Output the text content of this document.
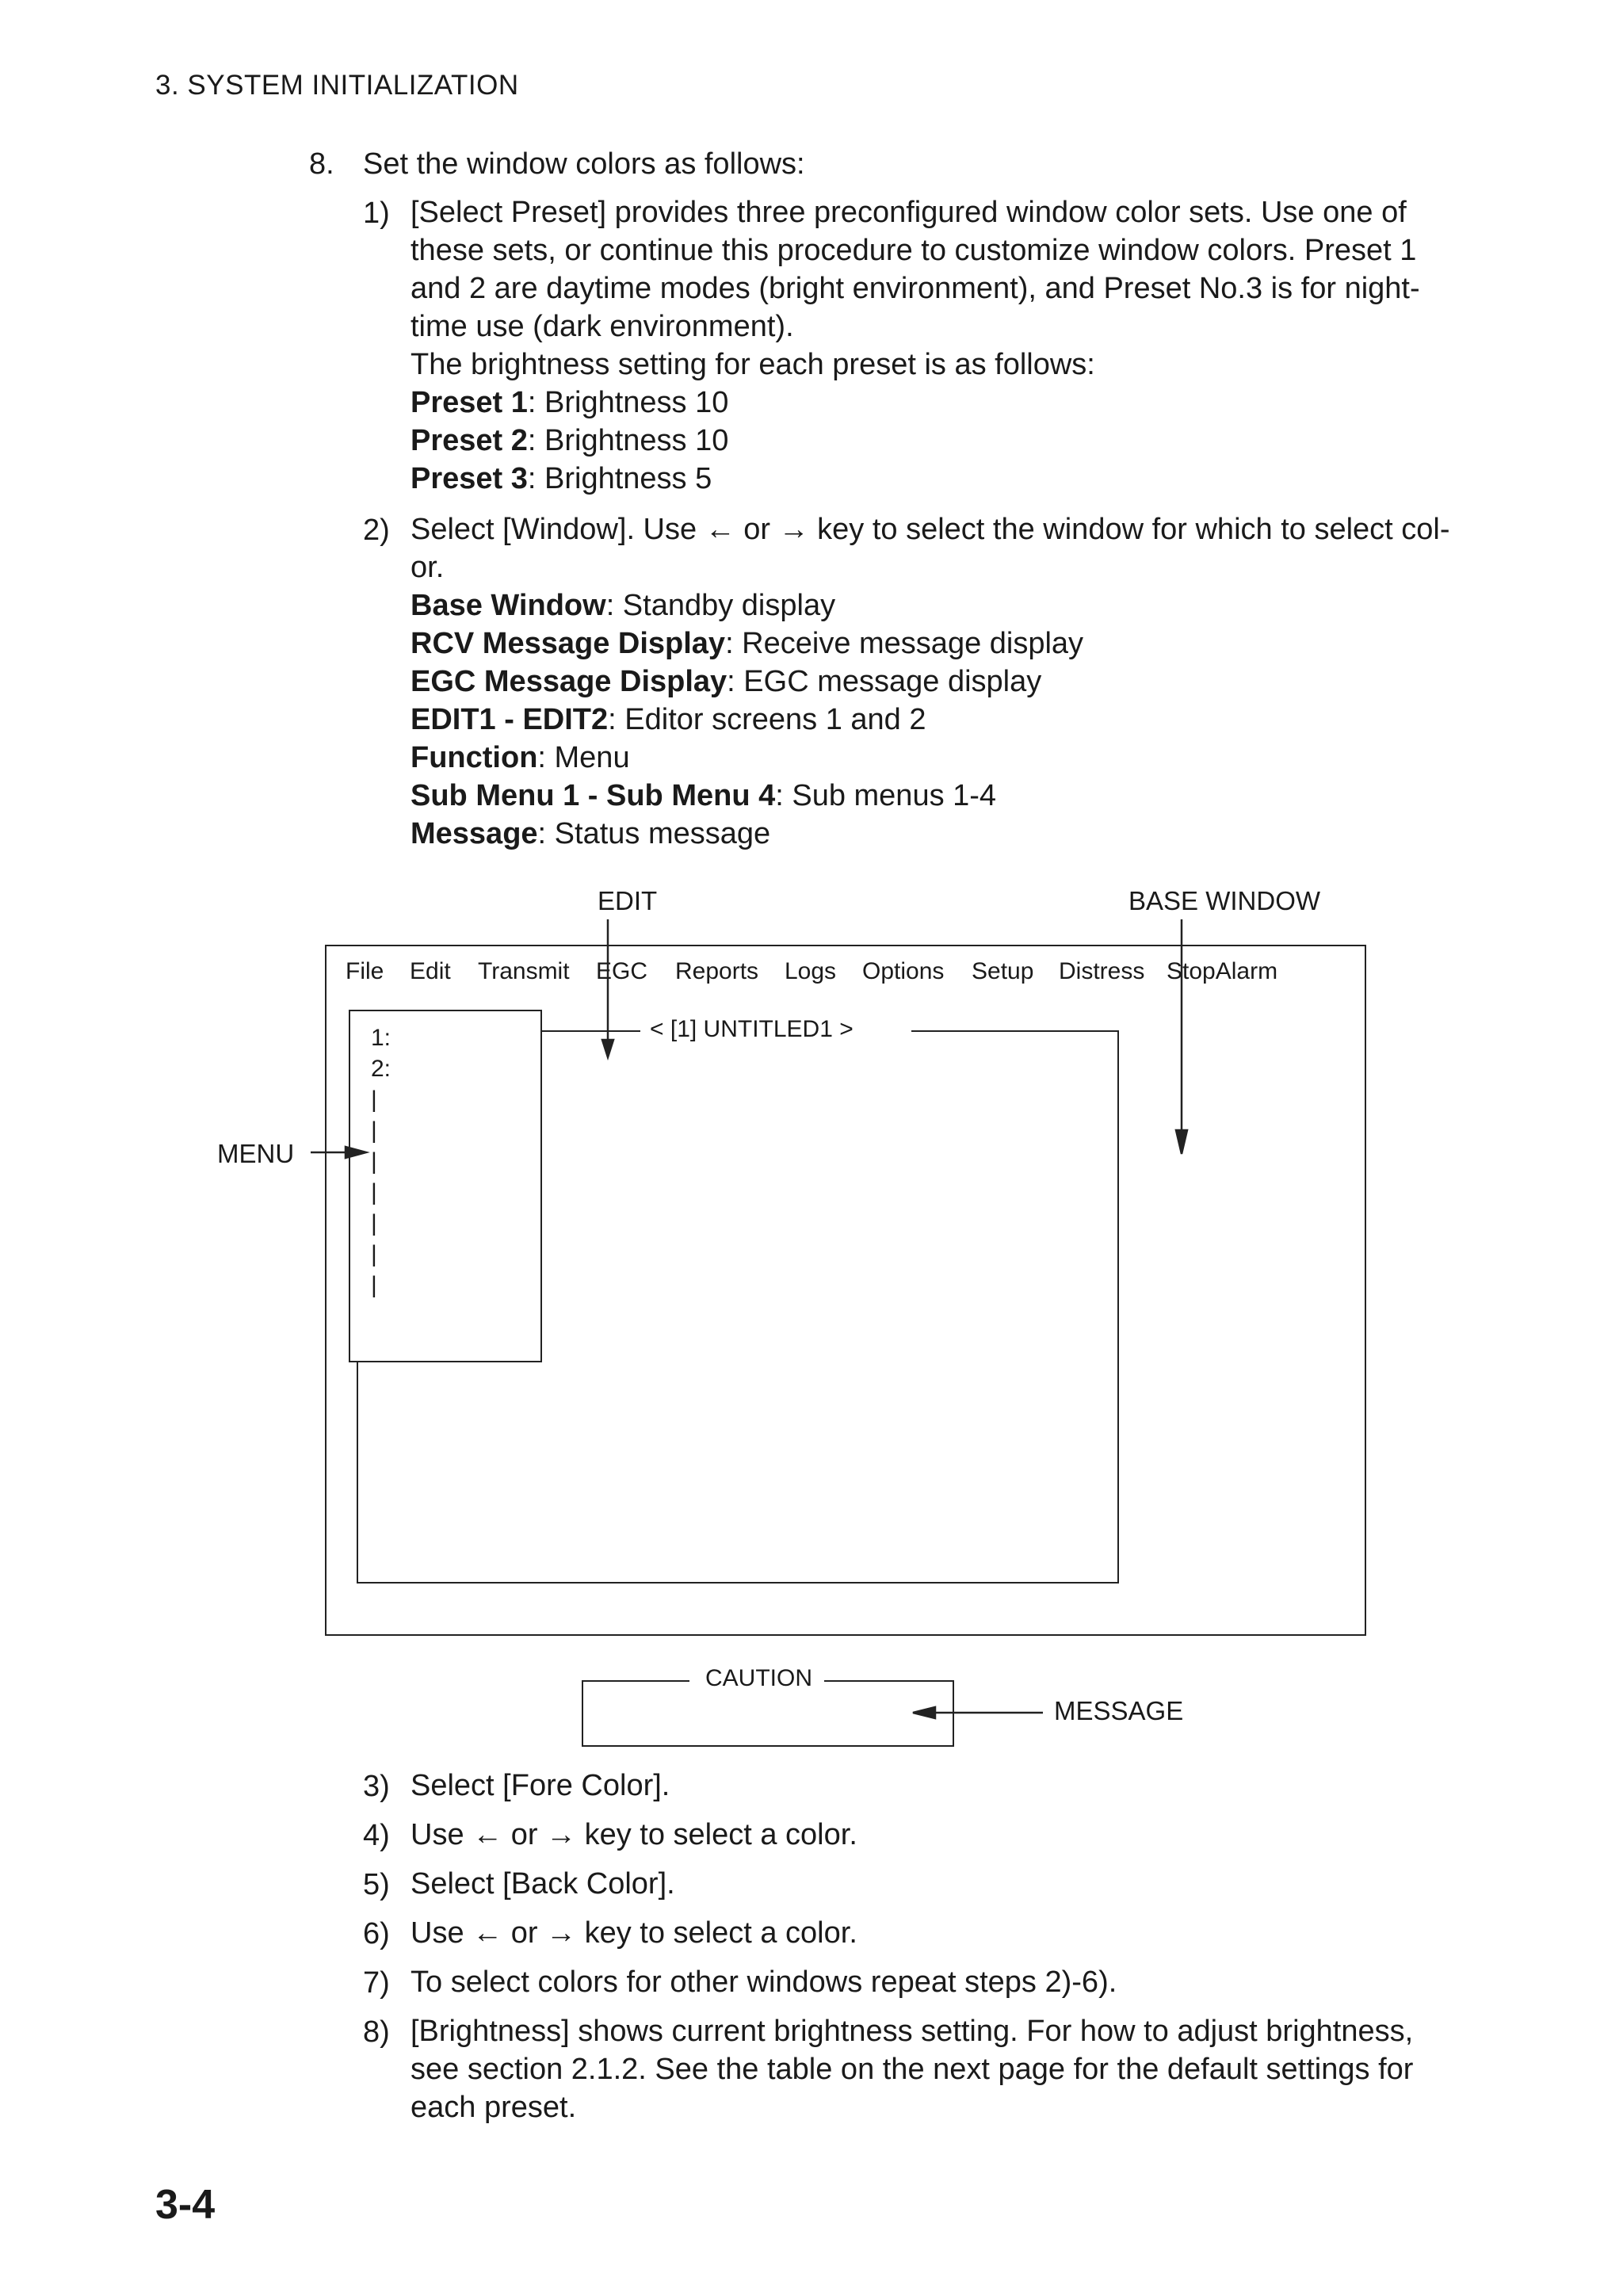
3. SYSTEM INITIALIZATION
8. Set the window colors as follows:
1) [Select Preset] provides three preconfigured window color sets. Use one of
these sets, or continue this procedure to customize window colors. Preset 1
and 2 are daytime modes (bright environment), and Preset No.3 is for night-
time use (dark environment).
The brightness setting for each preset is as follows:
Preset 1: Brightness 10
Preset 2: Brightness 10
Preset 3: Brightness 5
2) Select [Window]. Use ← or → key to select the window for which to select col-
or.
Base Window: Standby display
RCV Message Display: Receive message display
EGC Message Display: EGC message display
EDIT1 - EDIT2: Editor screens 1 and 2
Function: Menu
Sub Menu 1 - Sub Menu 4: Sub menus 1-4
Message: Status message
EDIT	BASE WINDOW
MENU
MESSAGE
File Edit Transmit EGC Reports Logs Options Setup Distress StopAlarm
< [1] UNTITLED1 >
1:
2:
|
|
|
|
|
|
|
CAUTION
3) Select [Fore Color].
4) Use ← or → key to select a color.
5) Select [Back Color].
6) Use ← or → key to select a color.
7) To select colors for other windows repeat steps 2)-6).
8) [Brightness] shows current brightness setting. For how to adjust brightness,
see section 2.1.2. See the table on the next page for the default settings for
each preset.
3-4
